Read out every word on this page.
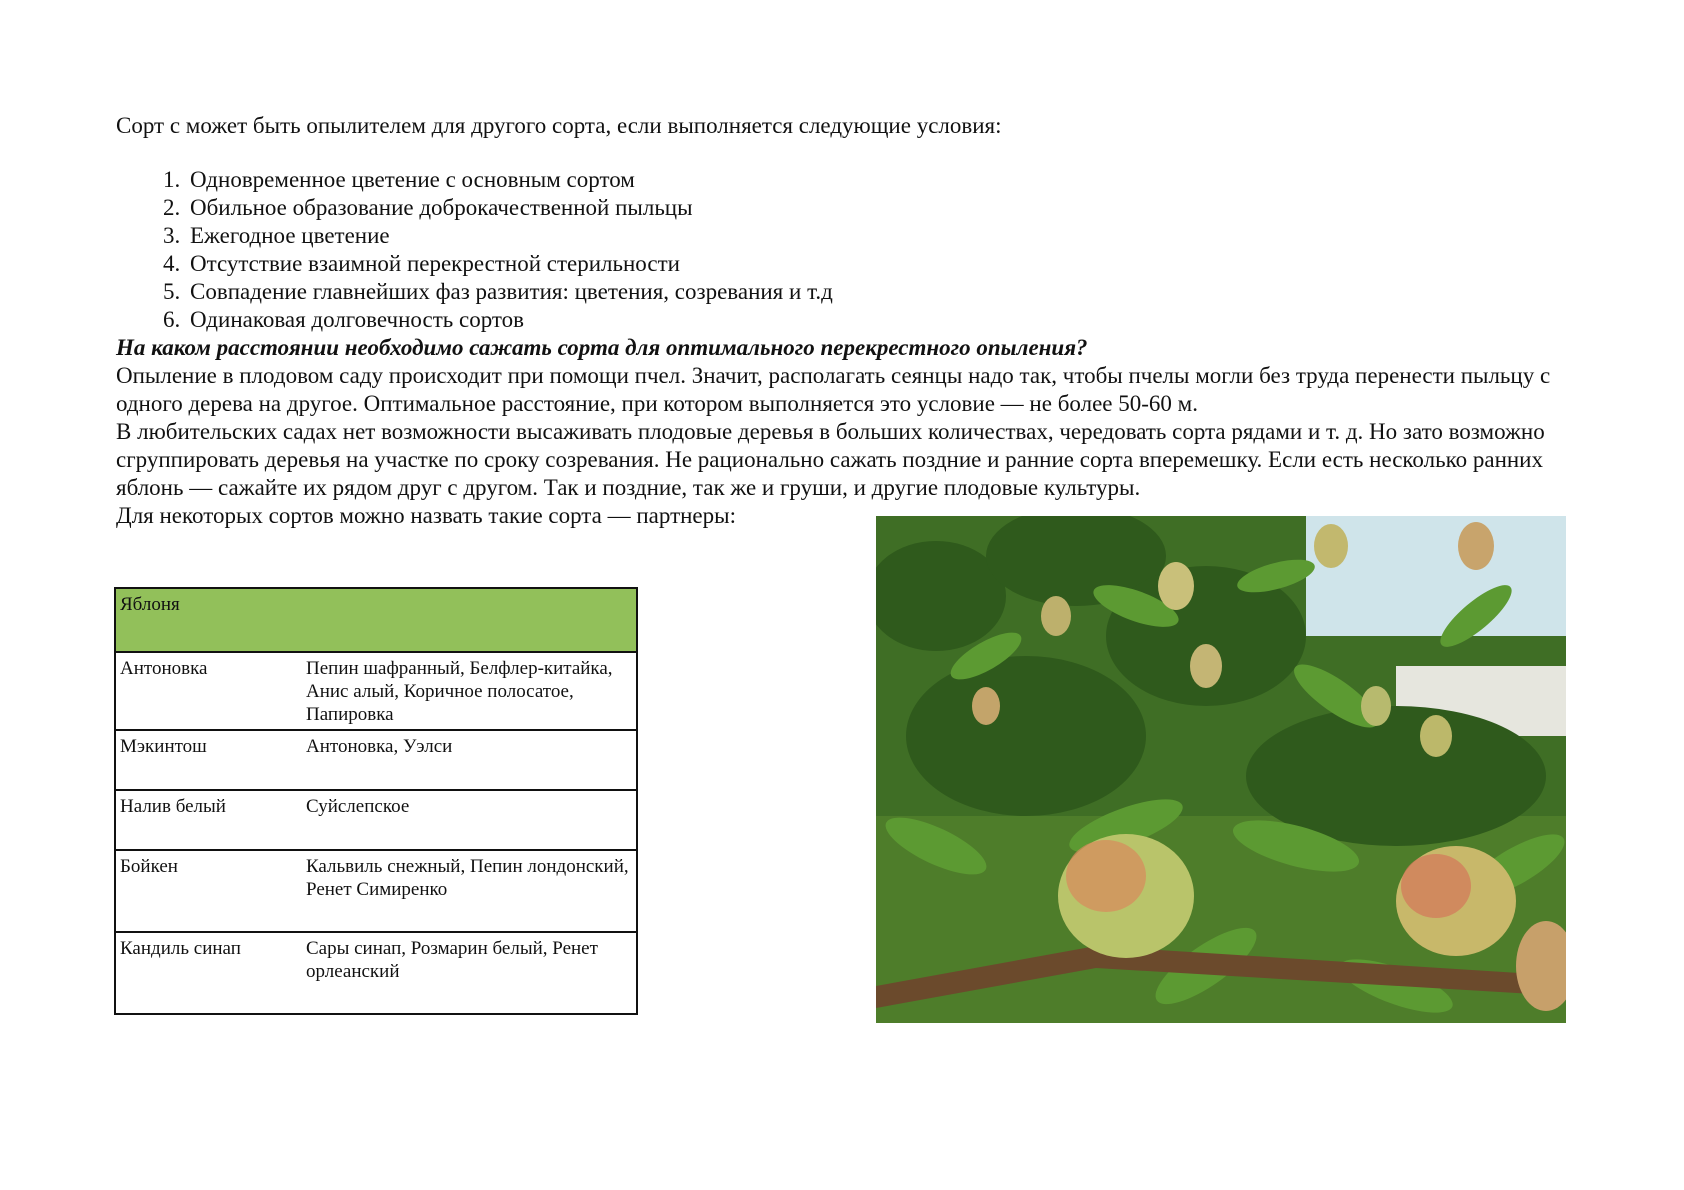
Сорт с может быть опылителем для другого сорта, если выполняется следующие условия:

1. Одновременное цветение с основным сортом
2. Обильное образование доброкачественной пыльцы
3. Ежегодное цветение
4. Отсутствие взаимной перекрестной стерильности
5. Совпадение главнейших фаз развития: цветения, созревания и т.д
6. Одинаковая долговечность сортов

На каком расстоянии необходимо сажать сорта для оптимального перекрестного опыления?

Опыление в плодовом саду происходит при помощи пчел. Значит, располагать сеянцы надо так, чтобы пчелы могли без труда перенести пыльцу с одного дерева на другое. Оптимальное расстояние, при котором выполняется это условие — не более 50-60 м.

В любительских садах нет возможности высаживать плодовые деревья в больших количествах, чередовать сорта рядами и т. д. Но зато возможно сгруппировать деревья на участке по сроку созревания. Не рационально сажать поздние и ранние сорта вперемешку. Если есть несколько ранних яблонь — сажайте их рядом друг с другом. Так и поздние, так же и груши, и другие плодовые культуры.

Для некоторых сортов можно назвать такие сорта — партнеры:

Яблоня	
Антоновка	Пепин шафранный, Белфлер-китайка, Анис алый, Коричное полосатое, Папировка
Мэкинтош	Антоновка, Уэлси
Налив белый	Суйслепское
Бойкен	Кальвиль снежный, Пепин лондонский, Ренет Симиренко
Кандиль синап	Сары синап, Розмарин белый, Ренет орлеанский
